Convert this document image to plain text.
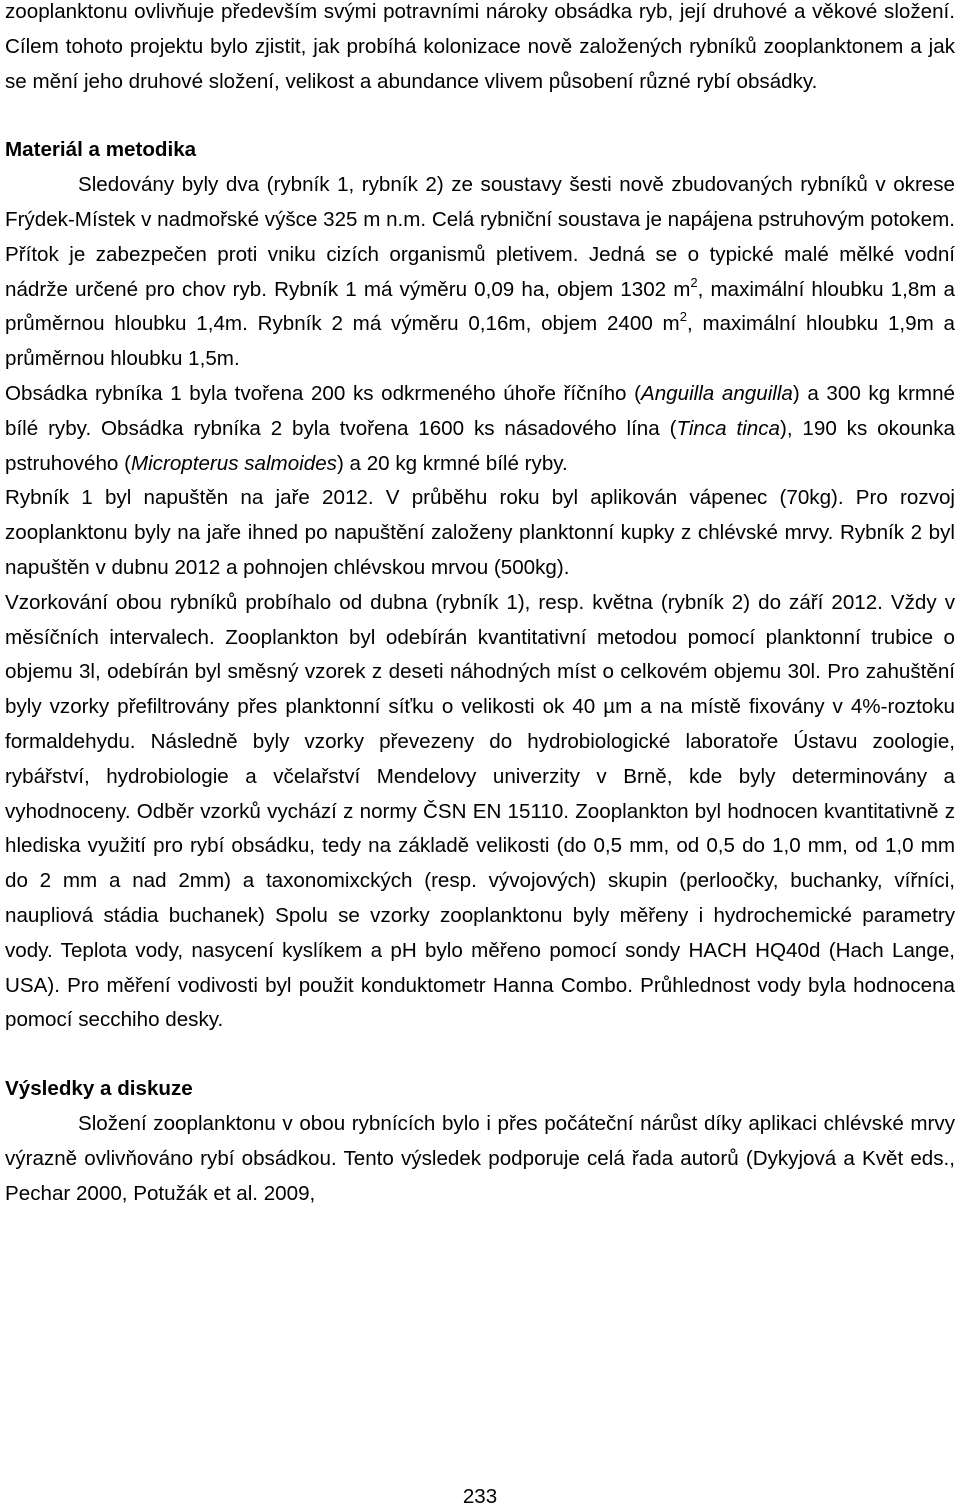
zooplanktonu ovlivňuje především svými potravními nároky obsádka ryb, její druhové a věkové složení. Cílem tohoto projektu bylo zjistit, jak probíhá kolonizace nově založených rybníků zooplanktonem a jak se mění jeho druhové složení, velikost a abundance vlivem působení různé rybí obsádky.

Materiál a metodika

Sledovány byly dva (rybník 1, rybník 2) ze soustavy šesti nově zbudovaných rybníků v okrese Frýdek-Místek v nadmořské výšce 325 m n.m. Celá rybniční soustava je napájena pstruhovým potokem. Přítok je zabezpečen proti vniku cizích organismů pletivem. Jedná se o typické malé mělké vodní nádrže určené pro chov ryb. Rybník 1 má výměru 0,09 ha, objem 1302 $m^2$, maximální hloubku 1,8m a průměrnou hloubku 1,4m. Rybník 2 má výměru 0,16m, objem 2400 $m^2$, maximální hloubku 1,9m a průměrnou hloubku 1,5m.

Obsádka rybníka 1 byla tvořena 200 ks odkrmeného úhoře říčního (Anguilla anguilla) a 300 kg krmné bílé ryby. Obsádka rybníka 2 byla tvořena 1600 ks násadového lína (Tinca tinca), 190 ks okounka pstruhového (Micropterus salmoides) a 20 kg krmné bílé ryby.

Rybník 1 byl napuštěn na jaře 2012. V průběhu roku byl aplikován vápenec (70kg). Pro rozvoj zooplanktonu byly na jaře ihned po napuštění založeny planktonní kupky z chlévské mrvy. Rybník 2 byl napuštěn v dubnu 2012 a pohnojen chlévskou mrvou (500kg).

Vzorkování obou rybníků probíhalo od dubna (rybník 1), resp. května (rybník 2) do září 2012. Vždy v měsíčních intervalech. Zooplankton byl odebírán kvantitativní metodou pomocí planktonní trubice o objemu 3l, odebírán byl směsný vzorek z deseti náhodných míst o celkovém objemu 30l. Pro zahuštění byly vzorky přefiltrovány přes planktonní síťku o velikosti ok 40 µm a na místě fixovány v 4%-roztoku formaldehydu. Následně byly vzorky převezeny do hydrobiologické laboratoře Ústavu zoologie, rybářství, hydrobiologie a včelařství Mendelovy univerzity v Brně, kde byly determinovány a vyhodnoceny. Odběr vzorků vychází z normy ČSN EN 15110. Zooplankton byl hodnocen kvantitativně z hlediska využití pro rybí obsádku, tedy na základě velikosti (do 0,5 mm, od 0,5 do 1,0 mm, od 1,0 mm do 2 mm a nad 2mm) a taxonomixckých (resp. vývojových) skupin (perloočky, buchanky, vířníci, naupliová stádia buchanek) Spolu se vzorky zooplanktonu byly měřeny i hydrochemické parametry vody. Teplota vody, nasycení kyslíkem a pH bylo měřeno pomocí sondy HACH HQ40d (Hach Lange, USA). Pro měření vodivosti byl použit konduktometr Hanna Combo. Průhlednost vody byla hodnocena pomocí secchiho desky.

Výsledky a diskuze

Složení zooplanktonu v obou rybnících bylo i přes počáteční nárůst díky aplikaci chlévské mrvy výrazně ovlivňováno rybí obsádkou. Tento výsledek podporuje celá řada autorů (Dykyjová a Květ eds., Pechar 2000, Potužák et al. 2009,

233
